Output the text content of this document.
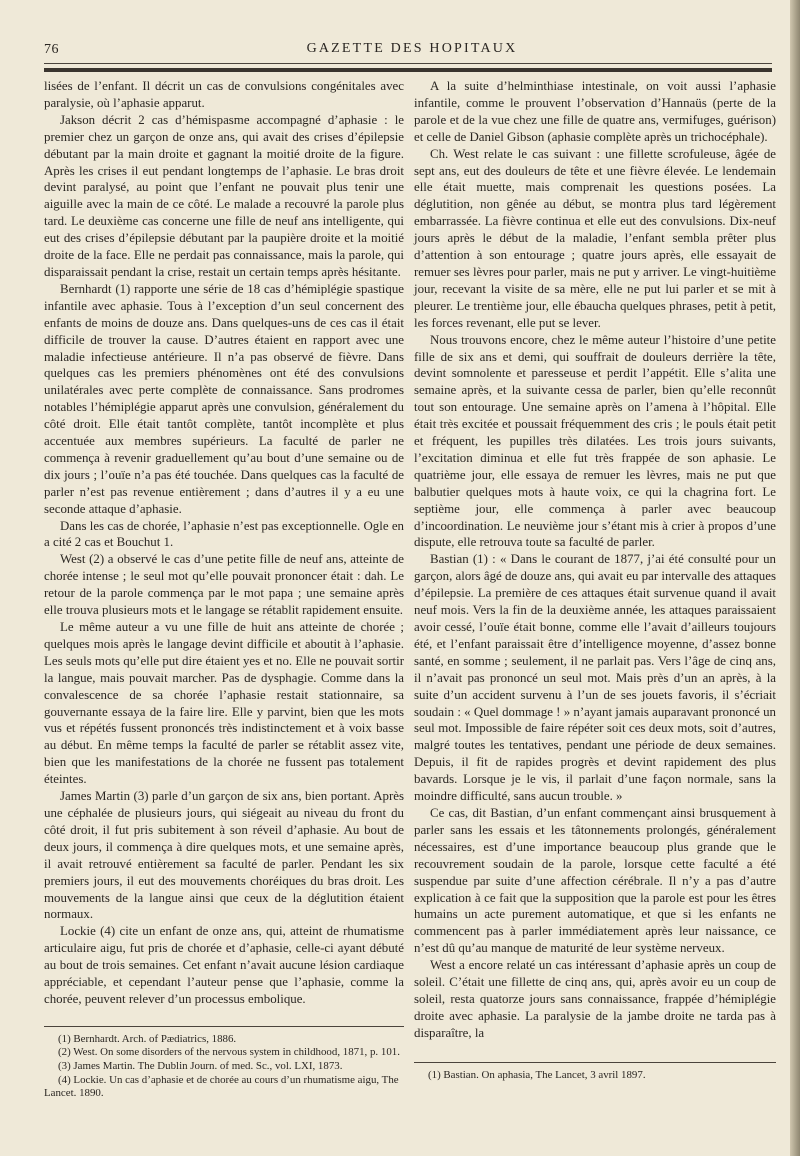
76	GAZETTE DES HOPITAUX

lisées de l’enfant. Il décrit un cas de convulsions congénitales avec paralysie, où l’aphasie apparut.

Jakson décrit 2 cas d’hémispasme accompagné d’aphasie : le premier chez un garçon de onze ans, qui avait des crises d’épilepsie débutant par la main droite et gagnant la moitié droite de la figure. Après les crises il eut pendant longtemps de l’aphasie. Le bras droit devint paralysé, au point que l’enfant ne pouvait plus tenir une aiguille avec la main de ce côté. Le malade a recouvré la parole plus tard. Le deuxième cas concerne une fille de neuf ans intelligente, qui eut des crises d’épilepsie débutant par la paupière droite et la moitié droite de la face. Elle ne perdait pas connaissance, mais la parole, qui disparaissait pendant la crise, restait un certain temps après hésitante.

Bernhardt (1) rapporte une série de 18 cas d’hémiplégie spastique infantile avec aphasie. Tous à l’exception d’un seul concernent des enfants de moins de douze ans. Dans quelques-uns de ces cas il était difficile de trouver la cause. D’autres étaient en rapport avec une maladie infectieuse antérieure. Il n’a pas observé de fièvre. Dans quelques cas les premiers phénomènes ont été des convulsions unilatérales avec perte complète de connaissance. Sans prodromes notables l’hémiplégie apparut après une convulsion, généralement du côté droit. Elle était tantôt complète, tantôt incomplète et plus accentuée aux membres supérieurs. La faculté de parler ne commença à revenir graduellement qu’au bout d’une semaine ou de dix jours ; l’ouïe n’a pas été touchée. Dans quelques cas la faculté de parler n’est pas revenue entièrement ; dans d’autres il y a eu une seconde attaque d’aphasie.

Dans les cas de chorée, l’aphasie n’est pas exceptionnelle. Ogle en a cité 2 cas et Bouchut 1.

West (2) a observé le cas d’une petite fille de neuf ans, atteinte de chorée intense ; le seul mot qu’elle pouvait prononcer était : dah. Le retour de la parole commença par le mot papa ; une semaine après elle trouva plusieurs mots et le langage se rétablit rapidement ensuite.

Le même auteur a vu une fille de huit ans atteinte de chorée ; quelques mois après le langage devint difficile et aboutit à l’aphasie. Les seuls mots qu’elle put dire étaient yes et no. Elle ne pouvait sortir la langue, mais pouvait marcher. Pas de dysphagie. Comme dans la convalescence de sa chorée l’aphasie restait stationnaire, sa gouvernante essaya de la faire lire. Elle y parvint, bien que les mots vus et répétés fussent prononcés très indistinctement et à voix basse au début. En même temps la faculté de parler se rétablit assez vite, bien que les manifestations de la chorée ne fussent pas totalement éteintes.

James Martin (3) parle d’un garçon de six ans, bien portant. Après une céphalée de plusieurs jours, qui siégeait au niveau du front du côté droit, il fut pris subitement à son réveil d’aphasie. Au bout de deux jours, il commença à dire quelques mots, et une semaine après, il avait retrouvé entièrement sa faculté de parler. Pendant les six premiers jours, il eut des mouvements choréiques du bras droit. Les mouvements de la langue ainsi que ceux de la déglutition étaient normaux.

Lockie (4) cite un enfant de onze ans, qui, atteint de rhumatisme articulaire aigu, fut pris de chorée et d’aphasie, celle-ci ayant débuté au bout de trois semaines. Cet enfant n’avait aucune lésion cardiaque appréciable, et cependant l’auteur pense que l’aphasie, comme la chorée, peuvent relever d’un processus embolique.

(1) Bernhardt. Arch. of Pædiatrics, 1886.

(2) West. On some disorders of the nervous system in childhood, 1871, p. 101.

(3) James Martin. The Dublin Journ. of med. Sc., vol. LXI, 1873.

(4) Lockie. Un cas d’aphasie et de chorée au cours d’un rhumatisme aigu, The Lancet. 1890.

A la suite d’helminthiase intestinale, on voit aussi l’aphasie infantile, comme le prouvent l’observation d’Hannaüs (perte de la parole et de la vue chez une fille de quatre ans, vermifuges, guérison) et celle de Daniel Gibson (aphasie complète après un trichocéphale).

Ch. West relate le cas suivant : une fillette scrofuleuse, âgée de sept ans, eut des douleurs de tête et une fièvre élevée. Le lendemain elle était muette, mais comprenait les questions posées. La déglutition, non gênée au début, se montra plus tard légèrement embarrassée. La fièvre continua et elle eut des convulsions. Dix-neuf jours après le début de la maladie, l’enfant sembla prêter plus d’attention à son entourage ; quatre jours après, elle essayait de remuer ses lèvres pour parler, mais ne put y arriver. Le vingt-huitième jour, recevant la visite de sa mère, elle ne put lui parler et se mit à pleurer. Le trentième jour, elle ébaucha quelques phrases, petit à petit, les forces revenant, elle put se lever.

Nous trouvons encore, chez le même auteur l’histoire d’une petite fille de six ans et demi, qui souffrait de douleurs derrière la tête, devint somnolente et paresseuse et perdit l’appétit. Elle s’alita une semaine après, et la suivante cessa de parler, bien qu’elle reconnût tout son entourage. Une semaine après on l’amena à l’hôpital. Elle était très excitée et poussait fréquemment des cris ; le pouls était petit et fréquent, les pupilles très dilatées. Les trois jours suivants, l’excitation diminua et elle fut très frappée de son aphasie. Le quatrième jour, elle essaya de remuer les lèvres, mais ne put que balbutier quelques mots à haute voix, ce qui la chagrina fort. Le septième jour, elle commença à parler avec beaucoup d’incoordination. Le neuvième jour s’étant mis à crier à propos d’une dispute, elle retrouva toute sa faculté de parler.

Bastian (1) : « Dans le courant de 1877, j’ai été consulté pour un garçon, alors âgé de douze ans, qui avait eu par intervalle des attaques d’épilepsie. La première de ces attaques était survenue quand il avait neuf mois. Vers la fin de la deuxième année, les attaques paraissaient avoir cessé, l’ouïe était bonne, comme elle l’avait d’ailleurs toujours été, et l’enfant paraissait être d’intelligence moyenne, d’assez bonne santé, en somme ; seulement, il ne parlait pas. Vers l’âge de cinq ans, il n’avait pas prononcé un seul mot. Mais près d’un an après, à la suite d’un accident survenu à l’un de ses jouets favoris, il s’écriait soudain : « Quel dommage ! » n’ayant jamais auparavant prononcé un seul mot. Impossible de faire répéter soit ces deux mots, soit d’autres, malgré toutes les tentatives, pendant une période de deux semaines. Depuis, il fit de rapides progrès et devint rapidement des plus bavards. Lorsque je le vis, il parlait d’une façon normale, sans la moindre difficulté, sans aucun trouble. »

Ce cas, dit Bastian, d’un enfant commençant ainsi brusquement à parler sans les essais et les tâtonnements prolongés, généralement nécessaires, est d’une importance beaucoup plus grande que le recouvrement soudain de la parole, lorsque cette faculté a été suspendue par suite d’une affection cérébrale. Il n’y a pas d’autre explication à ce fait que la supposition que la parole est pour les êtres humains un acte purement automatique, et que si les enfants ne commencent pas à parler immédiatement après leur naissance, ce n’est dû qu’au manque de maturité de leur système nerveux.

West a encore relaté un cas intéressant d’aphasie après un coup de soleil. C’était une fillette de cinq ans, qui, après avoir eu un coup de soleil, resta quatorze jours sans connaissance, frappée d’hémiplégie droite avec aphasie. La paralysie de la jambe droite ne tarda pas à disparaître, la

(1) Bastian. On aphasia, The Lancet, 3 avril 1897.
